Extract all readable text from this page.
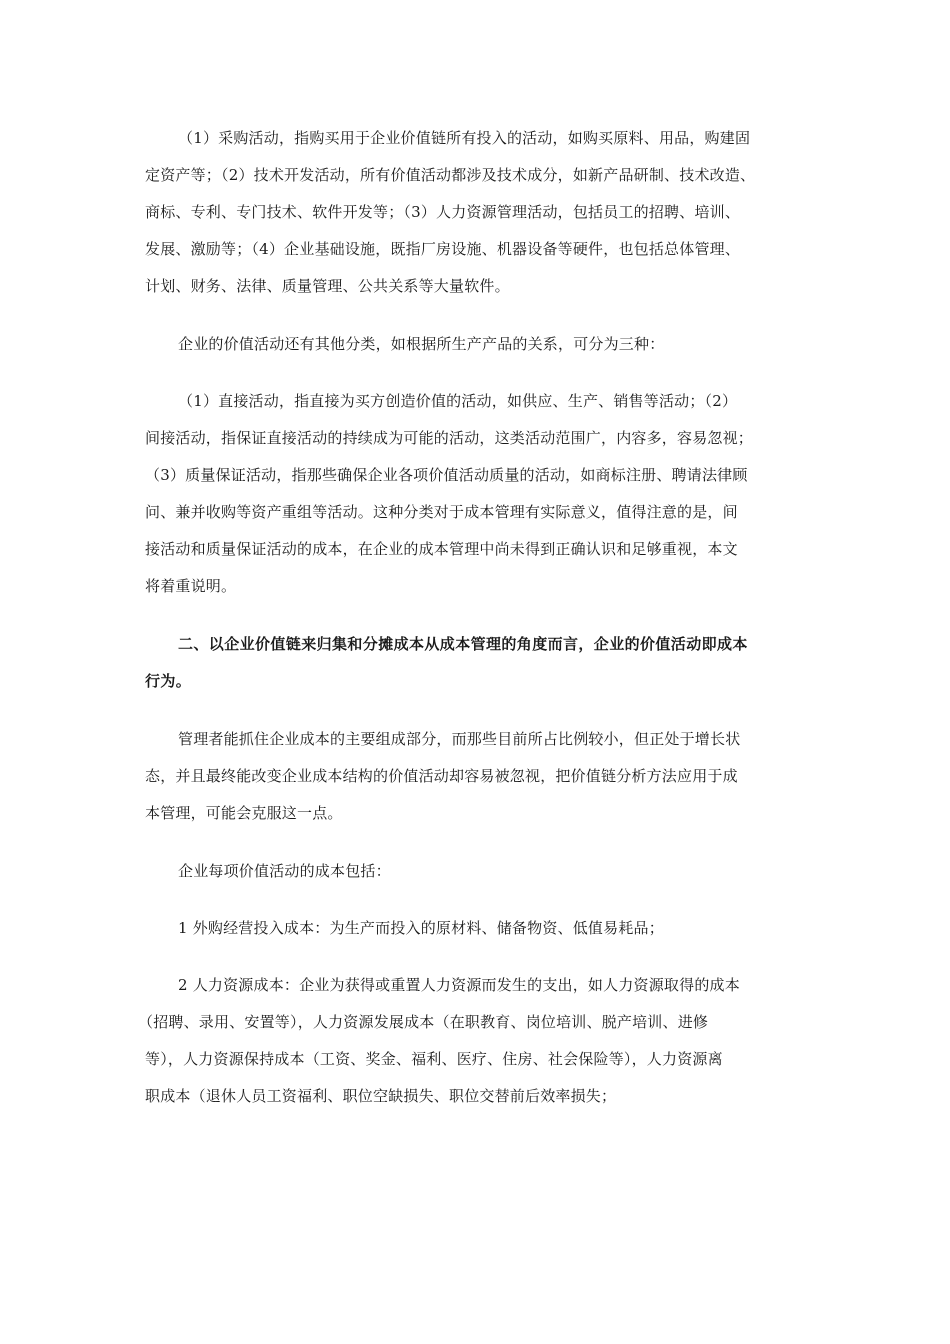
（1）采购活动，指购买用于企业价值链所有投入的活动，如购买原料、用品，购建固
定资产等；（2）技术开发活动，所有价值活动都涉及技术成分，如新产品研制、技术改造、
商标、专利、专门技术、软件开发等；（3）人力资源管理活动，包括员工的招聘、培训、
发展、激励等；（4）企业基础设施，既指厂房设施、机器设备等硬件，也包括总体管理、
计划、财务、法律、质量管理、公共关系等大量软件。
企业的价值活动还有其他分类，如根据所生产产品的关系，可分为三种：
（1）直接活动，指直接为买方创造价值的活动，如供应、生产、销售等活动；（2）
间接活动，指保证直接活动的持续成为可能的活动，这类活动范围广，内容多，容易忽视；
（3）质量保证活动，指那些确保企业各项价值活动质量的活动，如商标注册、聘请法律顾
问、兼并收购等资产重组等活动。这种分类对于成本管理有实际意义，值得注意的是，间
接活动和质量保证活动的成本，在企业的成本管理中尚未得到正确认识和足够重视，本文
将着重说明。
二、以企业价值链来归集和分摊成本从成本管理的角度而言，企业的价值活动即成本
行为。
管理者能抓住企业成本的主要组成部分，而那些目前所占比例较小，但正处于增长状
态，并且最终能改变企业成本结构的价值活动却容易被忽视，把价值链分析方法应用于成
本管理，可能会克服这一点。
企业每项价值活动的成本包括：
1 外购经营投入成本：为生产而投入的原材料、储备物资、低值易耗品；
2 人力资源成本：企业为获得或重置人力资源而发生的支出，如人力资源取得的成本
（招聘、录用、安置等），人力资源发展成本（在职教育、岗位培训、脱产培训、进修
等），人力资源保持成本（工资、奖金、福利、医疗、住房、社会保险等），人力资源离
职成本（退休人员工资福利、职位空缺损失、职位交替前后效率损失；
